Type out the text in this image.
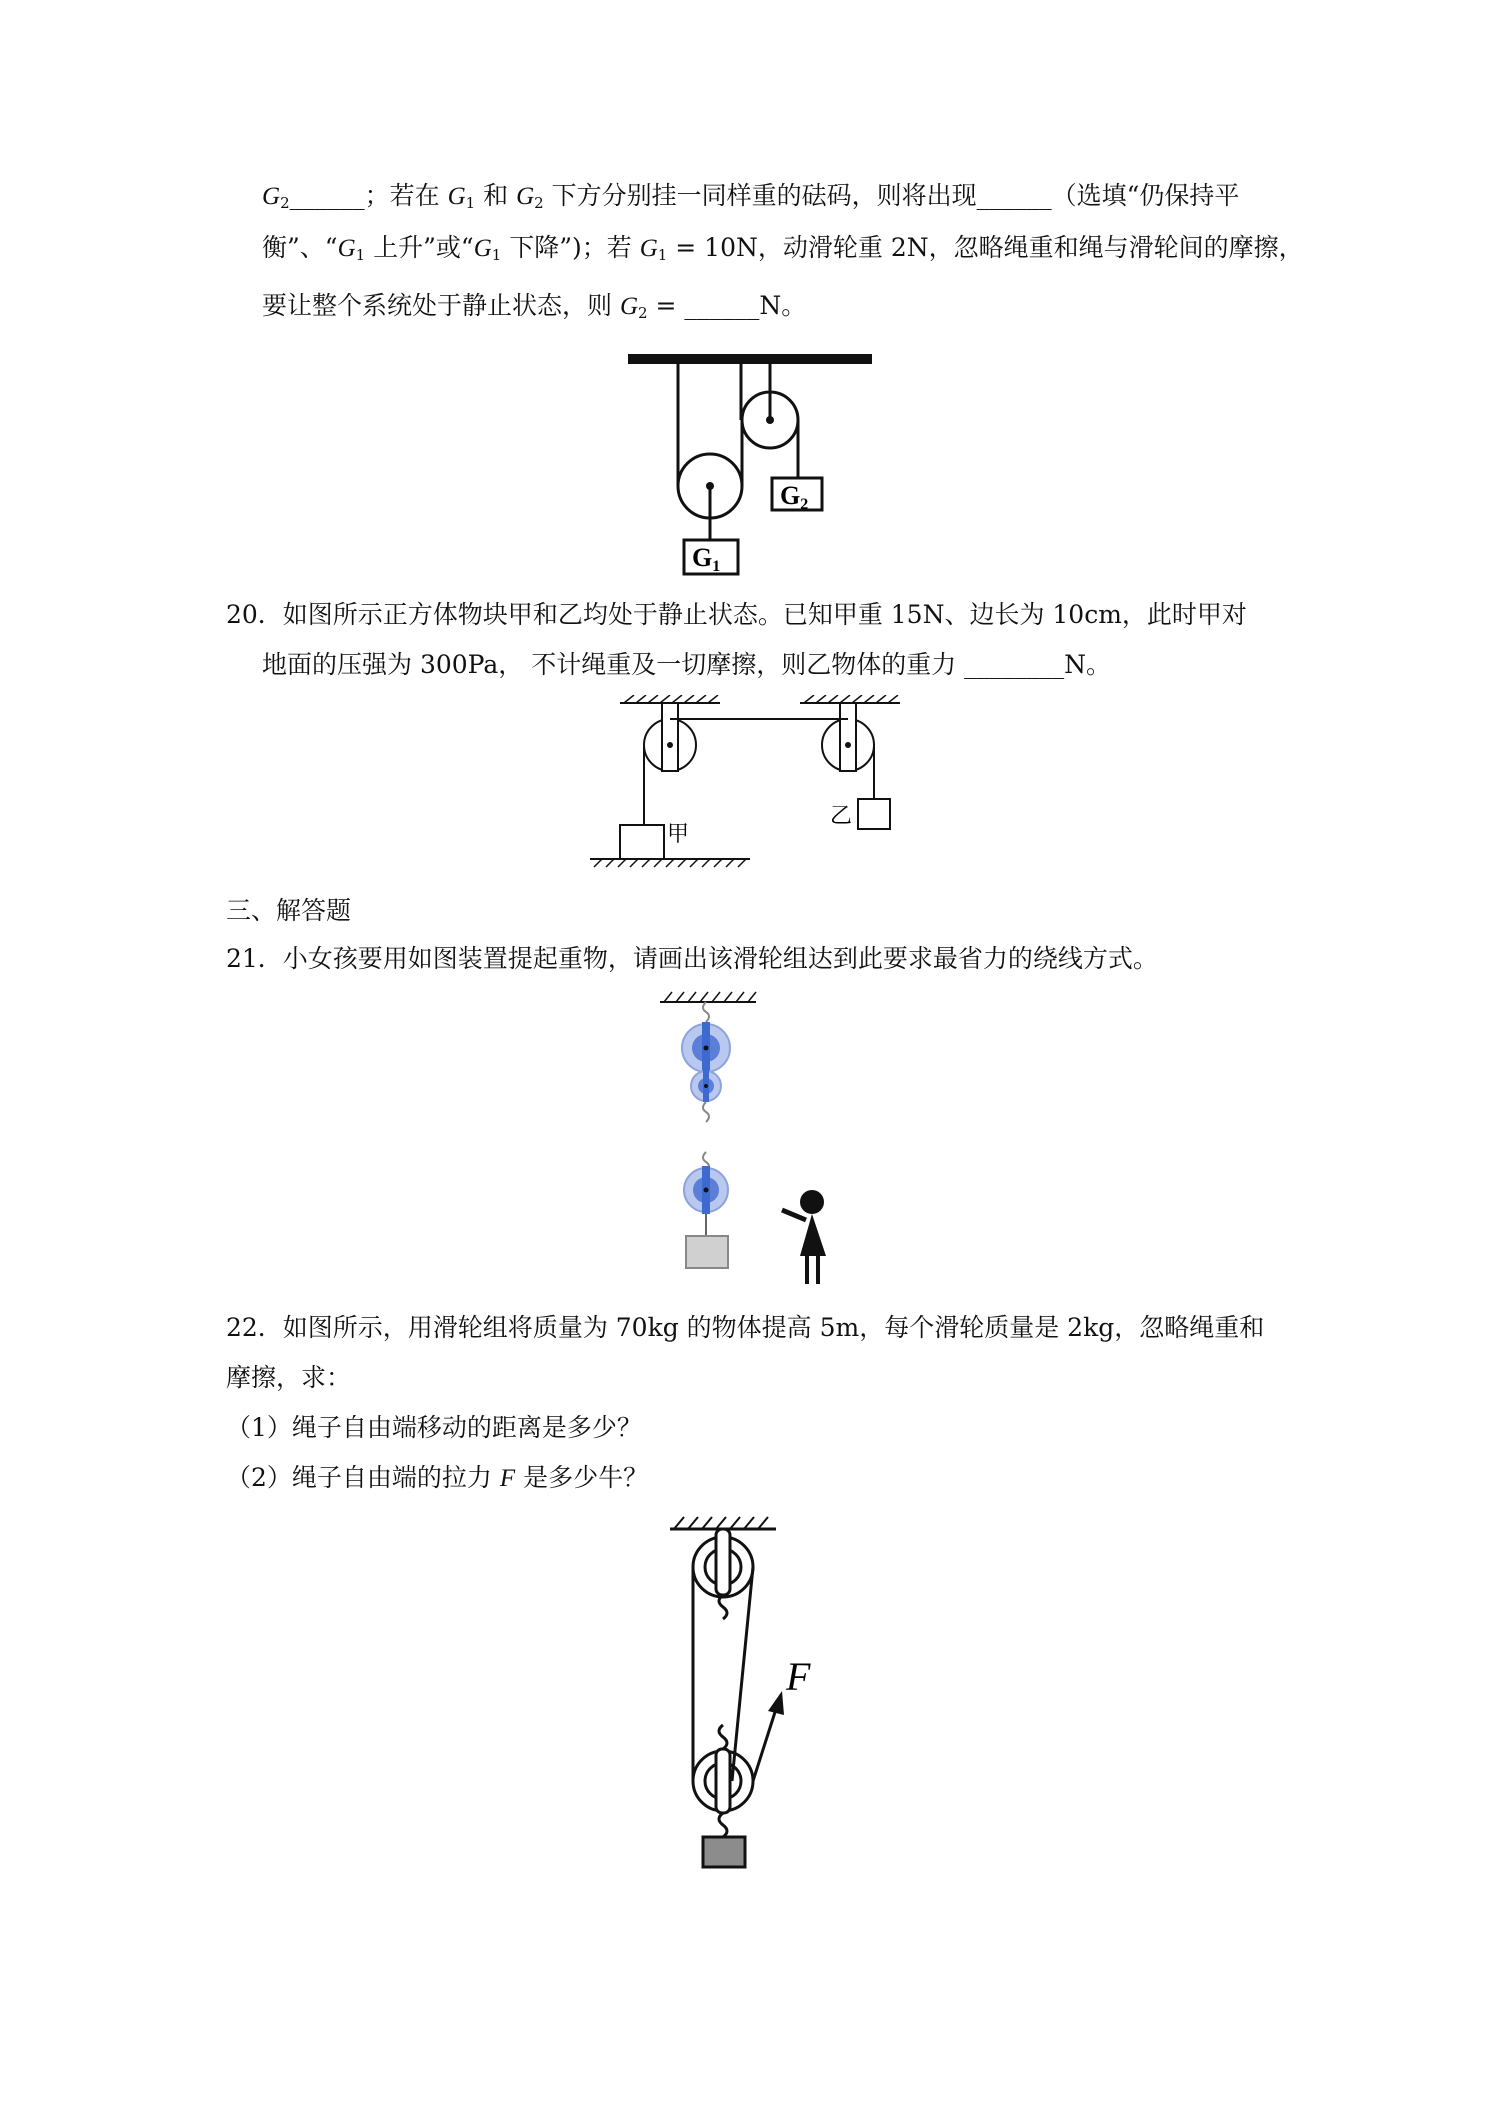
$G_2\_\_\_\_\_\_$；若在 $G_1$ 和 $G_2$ 下方分别挂一同样重的砝码，则将出现______（选填“仍保持平
衡”、“$G_1$ 上升”或“$G_1$ 下降”)；若 $G_1 = 10N$，动滑轮重 2N，忽略绳重和绳与滑轮间的摩擦，
要让整个系统处于静止状态，则 $G_2$ = ______N。
G2
G1
20．如图所示正方体物块甲和乙均处于静止状态。已知甲重 15N、边长为 10cm，此时甲对
地面的压强为 300Pa， 不计绳重及一切摩擦，则乙物体的重力 ________N。
甲
乙
三、解答题
21．小女孩要用如图装置提起重物，请画出该滑轮组达到此要求最省力的绕线方式。
22．如图所示，用滑轮组将质量为 70kg 的物体提高 5m，每个滑轮质量是 2kg，忽略绳重和
摩擦，求：
（1）绳子自由端移动的距离是多少？
（2）绳子自由端的拉力 F 是多少牛？
F
